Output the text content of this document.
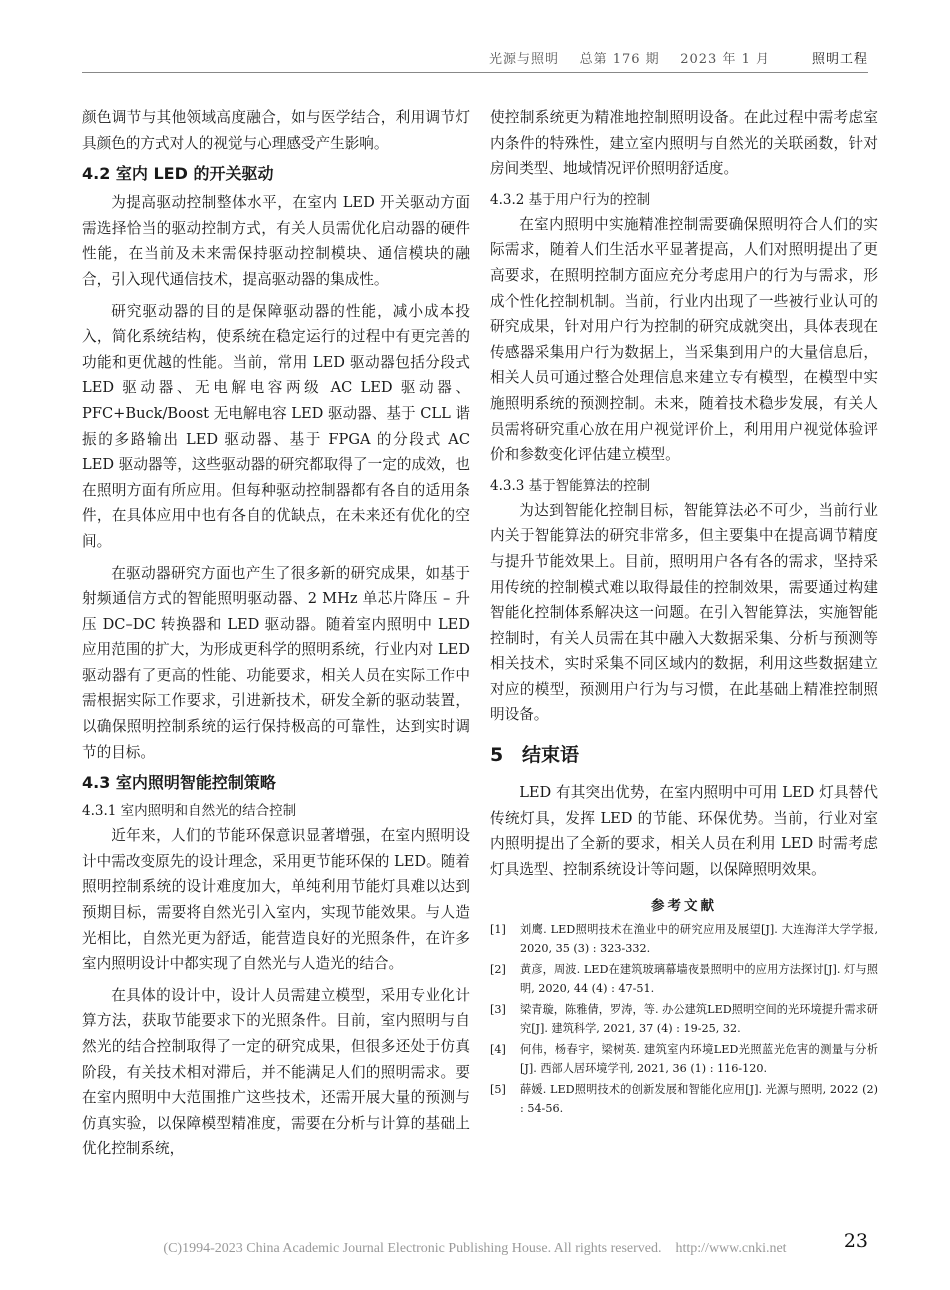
光源与照明 总第 176 期 2023 年 1 月	照明工程

颜色调节与其他领域高度融合，如与医学结合，利用调节灯具颜色的方式对人的视觉与心理感受产生影响。

4.2 室内 LED 的开关驱动

为提高驱动控制整体水平，在室内 LED 开关驱动方面需选择恰当的驱动控制方式，有关人员需优化启动器的硬件性能，在当前及未来需保持驱动控制模块、通信模块的融合，引入现代通信技术，提高驱动器的集成性。

研究驱动器的目的是保障驱动器的性能，减小成本投入，简化系统结构，使系统在稳定运行的过程中有更完善的功能和更优越的性能。当前，常用 LED 驱动器包括分段式 LED 驱动器、无电解电容两级 AC LED 驱动器、PFC+Buck/Boost 无电解电容 LED 驱动器、基于 CLL 谐振的多路输出 LED 驱动器、基于 FPGA 的分段式 AC LED 驱动器等，这些驱动器的研究都取得了一定的成效，也在照明方面有所应用。但每种驱动控制器都有各自的适用条件，在具体应用中也有各自的优缺点，在未来还有优化的空间。

在驱动器研究方面也产生了很多新的研究成果，如基于射频通信方式的智能照明驱动器、2 MHz 单芯片降压 – 升压 DC–DC 转换器和 LED 驱动器。随着室内照明中 LED 应用范围的扩大，为形成更科学的照明系统，行业内对 LED 驱动器有了更高的性能、功能要求，相关人员在实际工作中需根据实际工作要求，引进新技术，研发全新的驱动装置，以确保照明控制系统的运行保持极高的可靠性，达到实时调节的目标。

4.3 室内照明智能控制策略
4.3.1 室内照明和自然光的结合控制

近年来，人们的节能环保意识显著增强，在室内照明设计中需改变原先的设计理念，采用更节能环保的 LED。随着照明控制系统的设计难度加大，单纯利用节能灯具难以达到预期目标，需要将自然光引入室内，实现节能效果。与人造光相比，自然光更为舒适，能营造良好的光照条件，在许多室内照明设计中都实现了自然光与人造光的结合。

在具体的设计中，设计人员需建立模型，采用专业化计算方法，获取节能要求下的光照条件。目前，室内照明与自然光的结合控制取得了一定的研究成果，但很多还处于仿真阶段，有关技术相对滞后，并不能满足人们的照明需求。要在室内照明中大范围推广这些技术，还需开展大量的预测与仿真实验，以保障模型精准度，需要在分析与计算的基础上优化控制系统，

使控制系统更为精准地控制照明设备。在此过程中需考虑室内条件的特殊性，建立室内照明与自然光的关联函数，针对房间类型、地域情况评价照明舒适度。

4.3.2 基于用户行为的控制

在室内照明中实施精准控制需要确保照明符合人们的实际需求，随着人们生活水平显著提高，人们对照明提出了更高要求，在照明控制方面应充分考虑用户的行为与需求，形成个性化控制机制。当前，行业内出现了一些被行业认可的研究成果，针对用户行为控制的研究成就突出，具体表现在传感器采集用户行为数据上，当采集到用户的大量信息后，相关人员可通过整合处理信息来建立专有模型，在模型中实施照明系统的预测控制。未来，随着技术稳步发展，有关人员需将研究重心放在用户视觉评价上，利用用户视觉体验评价和参数变化评估建立模型。

4.3.3 基于智能算法的控制

为达到智能化控制目标，智能算法必不可少，当前行业内关于智能算法的研究非常多，但主要集中在提高调节精度与提升节能效果上。目前，照明用户各有各的需求，坚持采用传统的控制模式难以取得最佳的控制效果，需要通过构建智能化控制体系解决这一问题。在引入智能算法，实施智能控制时，有关人员需在其中融入大数据采集、分析与预测等相关技术，实时采集不同区域内的数据，利用这些数据建立对应的模型，预测用户行为与习惯，在此基础上精准控制照明设备。

5 结束语

LED 有其突出优势，在室内照明中可用 LED 灯具替代传统灯具，发挥 LED 的节能、环保优势。当前，行业对室内照明提出了全新的要求，相关人员在利用 LED 时需考虑灯具选型、控制系统设计等问题，以保障照明效果。

参考文献
[1]	刘鹰. LED照明技术在渔业中的研究应用及展望[J]. 大连海洋大学学报, 2020, 35 (3) : 323-332.
[2]	黄彦，周波. LED在建筑玻璃幕墙夜景照明中的应用方法探讨[J]. 灯与照明, 2020, 44 (4) : 47-51.
[3]	梁青璇，陈雅倩，罗涛，等. 办公建筑LED照明空间的光环境提升需求研究[J]. 建筑科学, 2021, 37 (4) : 19-25, 32.
[4]	何伟，杨春宇，梁树英. 建筑室内环境LED光照蓝光危害的测量与分析[J]. 西部人居环境学刊, 2021, 36 (1) : 116-120.
[5]	薛媛. LED照明技术的创新发展和智能化应用[J]. 光源与照明, 2022 (2) : 54-56.
23
(C)1994-2023 China Academic Journal Electronic Publishing House. All rights reserved.    http://www.cnki.net
